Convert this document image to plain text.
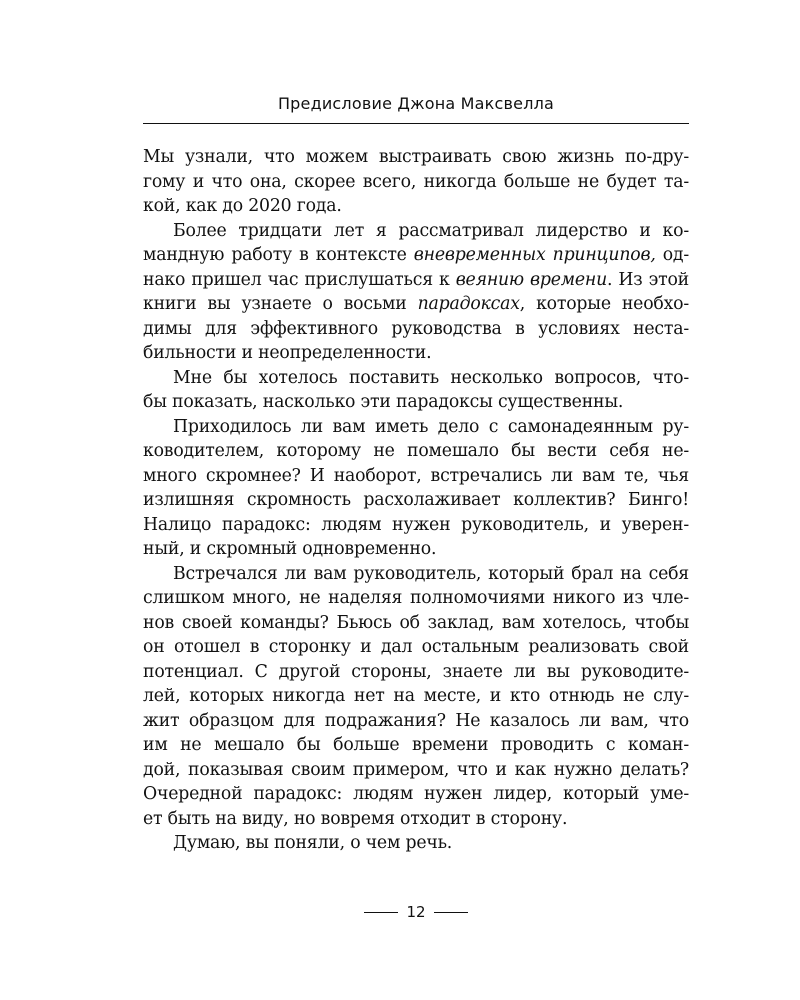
Предисловие Джона Максвелла
Мы узнали, что можем выстраивать свою жизнь по-дру-
гому и что она, скорее всего, никогда больше не будет та-
кой, как до 2020 года.
Более тридцати лет я рассматривал лидерство и ко-
мандную работу в контексте вневременных принципов, од-
нако пришел час прислушаться к веянию времени. Из этой
книги вы узнаете о восьми парадоксах, которые необхо-
димы для эффективного руководства в условиях неста-
бильности и неопределенности.
Мне бы хотелось поставить несколько вопросов, что-
бы показать, насколько эти парадоксы существенны.
Приходилось ли вам иметь дело с самонадеянным ру-
ководителем, которому не помешало бы вести себя не-
много скромнее? И наоборот, встречались ли вам те, чья
излишняя скромность расхолаживает коллектив? Бинго!
Налицо парадокс: людям нужен руководитель, и уверен-
ный, и скромный одновременно.
Встречался ли вам руководитель, который брал на себя
слишком много, не наделяя полномочиями никого из чле-
нов своей команды? Бьюсь об заклад, вам хотелось, чтобы
он отошел в сторонку и дал остальным реализовать свой
потенциал. С другой стороны, знаете ли вы руководите-
лей, которых никогда нет на месте, и кто отнюдь не слу-
жит образцом для подражания? Не казалось ли вам, что
им не мешало бы больше времени проводить с коман-
дой, показывая своим примером, что и как нужно делать?
Очередной парадокс: людям нужен лидер, который уме-
ет быть на виду, но вовремя отходит в сторону.
Думаю, вы поняли, о чем речь.
12
